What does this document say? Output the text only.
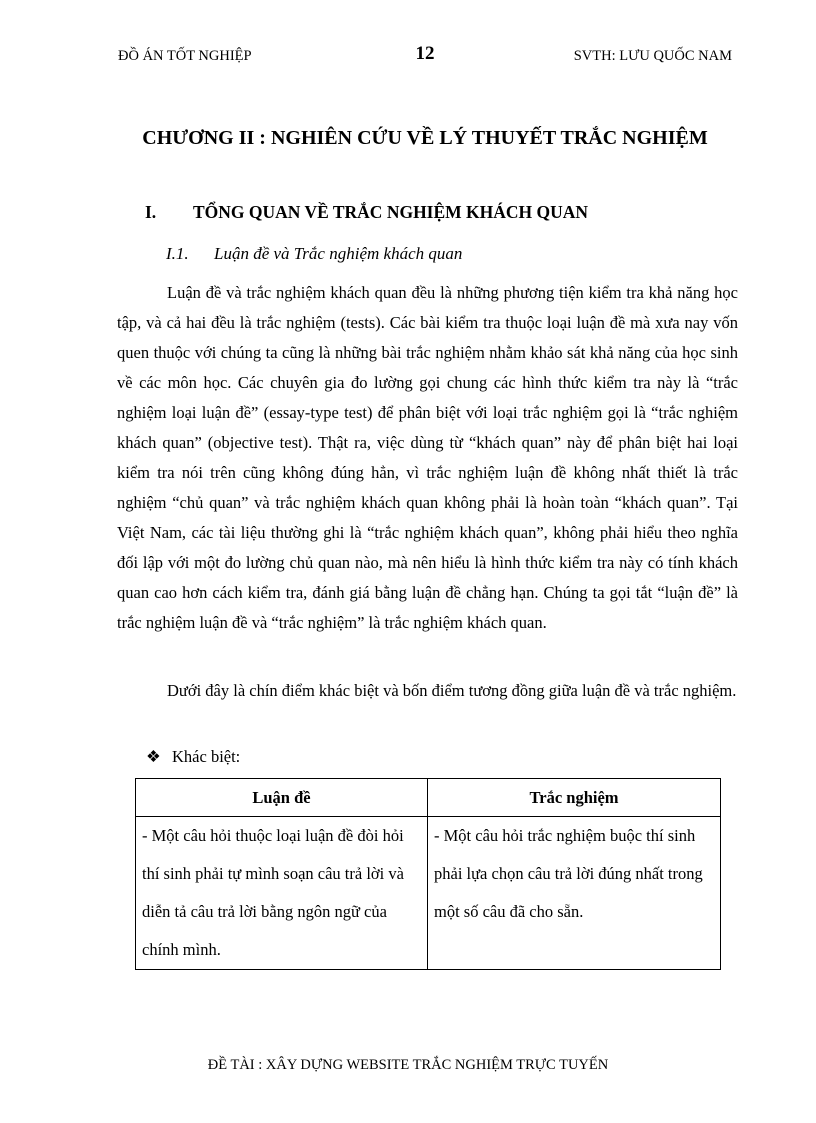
ĐỒ ÁN TỐT NGHIỆP	12	SVTH: LƯU QUỐC NAM
CHƯƠNG II : NGHIÊN CỨU VỀ LÝ THUYẾT TRẮC NGHIỆM
I. TỔNG QUAN VỀ TRẮC NGHIỆM KHÁCH QUAN
I.1. Luận đề và Trắc nghiệm khách quan

Luận đề và trắc nghiệm khách quan đều là những phương tiện kiểm tra khả năng học tập, và cả hai đều là trắc nghiệm (tests). Các bài kiểm tra thuộc loại luận đề mà xưa nay vốn quen thuộc với chúng ta cũng là những bài trắc nghiệm nhằm khảo sát khả năng của học sinh về các môn học. Các chuyên gia đo lường gọi chung các hình thức kiểm tra này là “trắc nghiệm loại luận đề” (essay-type test) để phân biệt với loại trắc nghiệm gọi là “trắc nghiệm khách quan” (objective test). Thật ra, việc dùng từ “khách quan” này để phân biệt hai loại kiểm tra nói trên cũng không đúng hẳn, vì trắc nghiệm luận đề không nhất thiết là trắc nghiệm “chủ quan” và trắc nghiệm khách quan không phải là hoàn toàn “khách quan”. Tại Việt Nam, các tài liệu thường ghi là “trắc nghiệm khách quan”, không phải hiểu theo nghĩa đối lập với một đo lường chủ quan nào, mà nên hiểu là hình thức kiểm tra này có tính khách quan cao hơn cách kiểm tra, đánh giá bằng luận đề chẳng hạn. Chúng ta gọi tắt “luận đề” là trắc nghiệm luận đề và “trắc nghiệm” là trắc nghiệm khách quan.

Dưới đây là chín điểm khác biệt và bốn điểm tương đồng giữa luận đề và trắc nghiệm.

❖ Khác biệt:
Luận đề	Trắc nghiệm
- Một câu hỏi thuộc loại luận đề đòi hỏi thí sinh phải tự mình soạn câu trả lời và diễn tả câu trả lời bằng ngôn ngữ của chính mình.	- Một câu hỏi trắc nghiệm buộc thí sinh phải lựa chọn câu trả lời đúng nhất trong một số câu đã cho sẵn.
ĐỀ TÀI : XÂY DỰNG WEBSITE TRẮC NGHIỆM TRỰC TUYẾN
